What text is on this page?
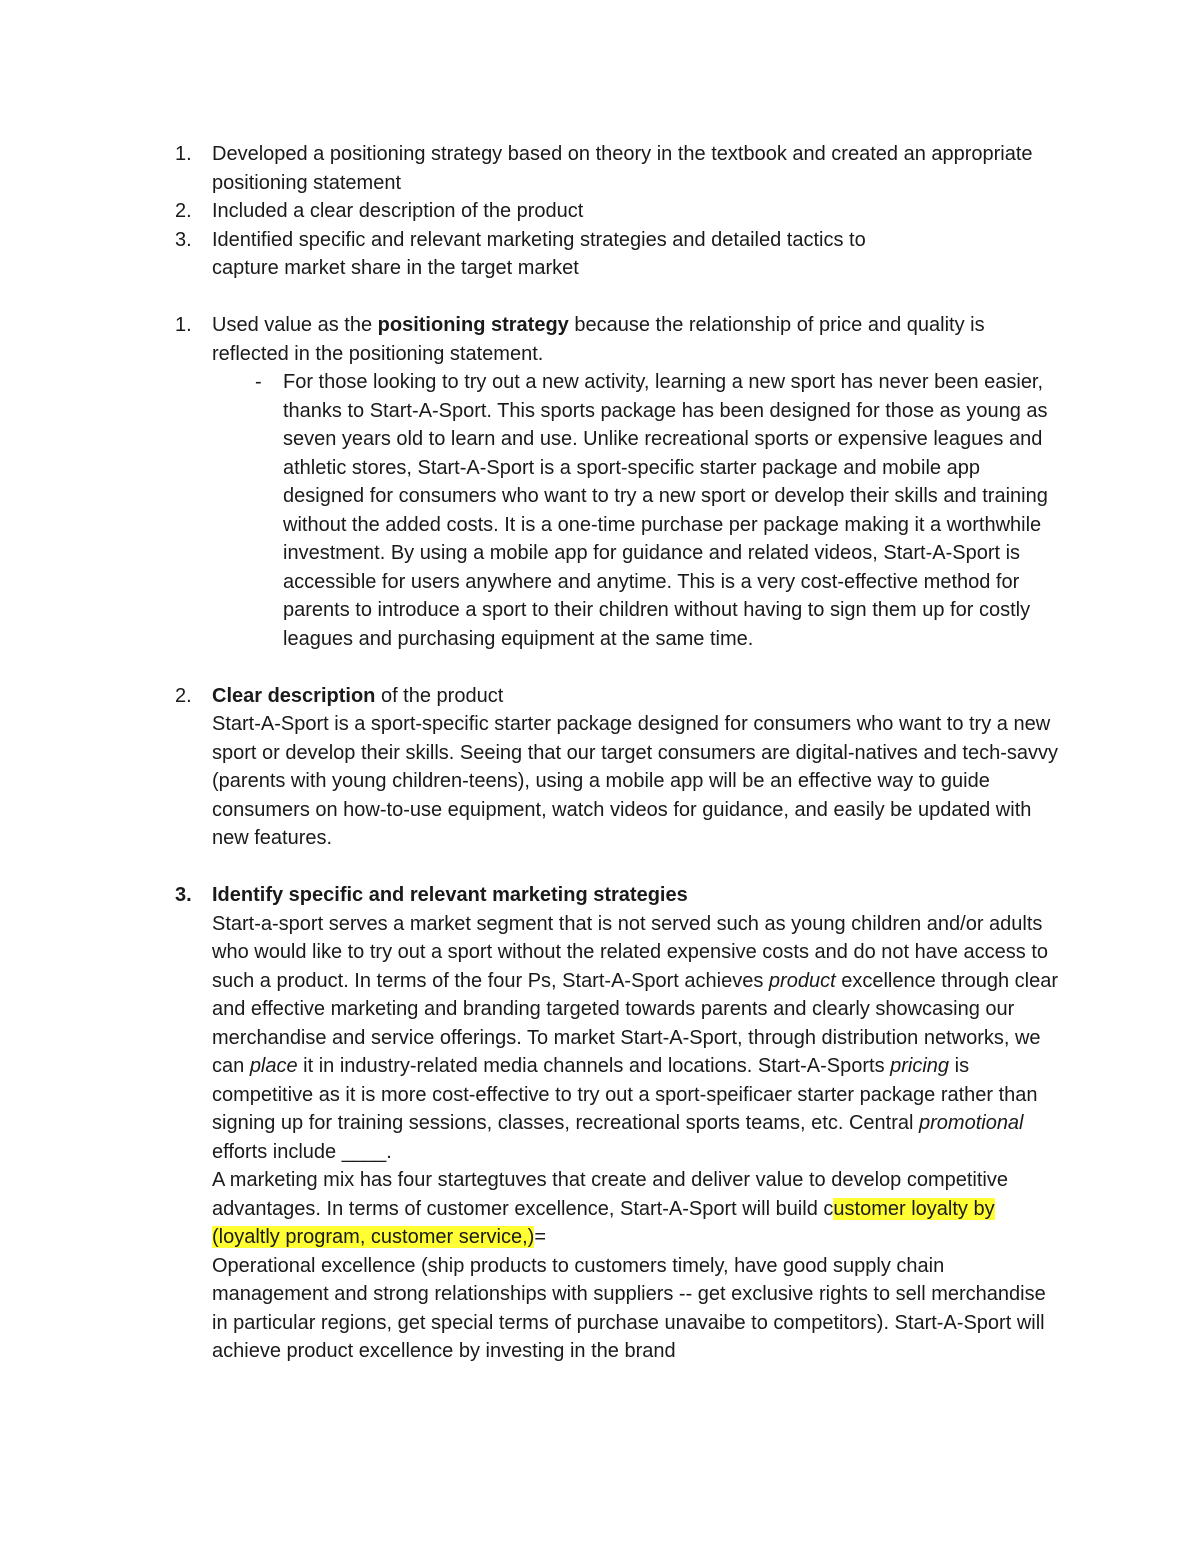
1. Developed a positioning strategy based on theory in the textbook and created an appropriate positioning statement
2. Included a clear description of the product
3. Identified specific and relevant marketing strategies and detailed tactics to capture market share in the target market
1. Used value as the positioning strategy because the relationship of price and quality is reflected in the positioning statement.
- For those looking to try out a new activity, learning a new sport has never been easier, thanks to Start-A-Sport. This sports package has been designed for those as young as seven years old to learn and use. Unlike recreational sports or expensive leagues and athletic stores, Start-A-Sport is a sport-specific starter package and mobile app designed for consumers who want to try a new sport or develop their skills and training without the added costs. It is a one-time purchase per package making it a worthwhile investment. By using a mobile app for guidance and related videos, Start-A-Sport is accessible for users anywhere and anytime. This is a very cost-effective method for parents to introduce a sport to their children without having to sign them up for costly leagues and purchasing equipment at the same time.
2. Clear description of the product

Start-A-Sport is a sport-specific starter package designed for consumers who want to try a new sport or develop their skills. Seeing that our target consumers are digital-natives and tech-savvy (parents with young children-teens), using a mobile app will be an effective way to guide consumers on how-to-use equipment, watch videos for guidance, and easily be updated with new features.

3. Identify specific and relevant marketing strategies

Start-a-sport serves a market segment that is not served such as young children and/or adults who would like to try out a sport without the related expensive costs and do not have access to such a product. In terms of the four Ps, Start-A-Sport achieves product excellence through clear and effective marketing and branding targeted towards parents and clearly showcasing our merchandise and service offerings. To market Start-A-Sport, through distribution networks, we can place it in industry-related media channels and locations. Start-A-Sports pricing is competitive as it is more cost-effective to try out a sport-speificaer starter package rather than signing up for training sessions, classes, recreational sports teams, etc. Central promotional efforts include ____.

A marketing mix has four startegtuves that create and deliver value to develop competitive advantages. In terms of customer excellence, Start-A-Sport will build customer loyalty by (loyaltly program, customer service,)=

Operational excellence (ship products to customers timely, have good supply chain management and strong relationships with suppliers -- get exclusive rights to sell merchandise in particular regions, get special terms of purchase unavaibe to competitors). Start-A-Sport will achieve product excellence by investing in the brand
